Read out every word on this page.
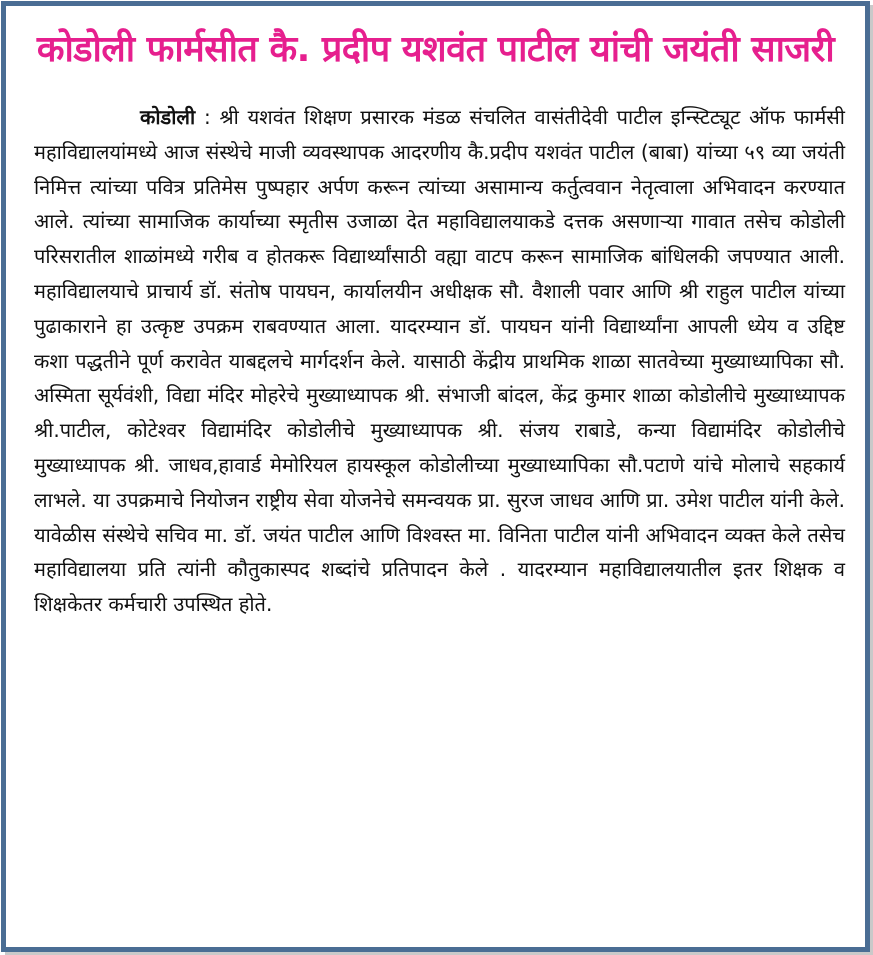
कोडोली फार्मसीत कै. प्रदीप यशवंत पाटील यांची जयंती साजरी
कोडोली : श्री यशवंत शिक्षण प्रसारक मंडळ संचलित वासंतीदेवी पाटील इन्स्टिट्यूट ऑफ फार्मसी महाविद्यालयांमध्ये आज संस्थेचे माजी व्यवस्थापक आदरणीय कै.प्रदीप यशवंत पाटील (बाबा) यांच्या ५९ व्या जयंती निमित्त त्यांच्या पवित्र प्रतिमेस पुष्पहार अर्पण करून त्यांच्या असामान्य कर्तुत्ववान नेतृत्वाला अभिवादन करण्यात आले. त्यांच्या सामाजिक कार्याच्या स्मृतीस उजाळा देत महाविद्यालयाकडे दत्तक असणाऱ्या गावात तसेच कोडोली परिसरातील शाळांमध्ये गरीब व होतकरू विद्यार्थ्यांसाठी वह्या वाटप करून सामाजिक बांधिलकी जपण्यात आली. महाविद्यालयाचे प्राचार्य डॉ. संतोष पायघन, कार्यालयीन अधीक्षक सौ. वैशाली पवार आणि श्री राहुल पाटील यांच्या पुढाकाराने हा उत्कृष्ट उपक्रम राबवण्यात आला. यादरम्यान डॉ. पायघन यांनी विद्यार्थ्यांना आपली ध्येय व उद्दिष्ट कशा पद्धतीने पूर्ण करावेत याबद्दलचे मार्गदर्शन केले. यासाठी केंद्रीय प्राथमिक शाळा सातवेच्या मुख्याध्यापिका सौ. अस्मिता सूर्यवंशी, विद्या मंदिर मोहरेचे मुख्याध्यापक श्री. संभाजी बांदल, केंद्र कुमार शाळा कोडोलीचे मुख्याध्यापक श्री.पाटील, कोटेश्वर विद्यामंदिर कोडोलीचे मुख्याध्यापक श्री. संजय राबाडे, कन्या विद्यामंदिर कोडोलीचे मुख्याध्यापक श्री. जाधव,हावार्ड मेमोरियल हायस्कूल कोडोलीच्या मुख्याध्यापिका सौ.पटाणे यांचे मोलाचे सहकार्य लाभले. या उपक्रमाचे नियोजन राष्ट्रीय सेवा योजनेचे समन्वयक प्रा. सुरज जाधव आणि प्रा. उमेश पाटील यांनी केले. यावेळीस संस्थेचे सचिव मा. डॉ. जयंत पाटील आणि विश्वस्त मा. विनिता पाटील यांनी अभिवादन व्यक्त केले तसेच महाविद्यालया प्रति त्यांनी कौतुकास्पद शब्दांचे प्रतिपादन केले . यादरम्यान महाविद्यालयातील इतर शिक्षक व शिक्षकेतर कर्मचारी उपस्थित होते.
